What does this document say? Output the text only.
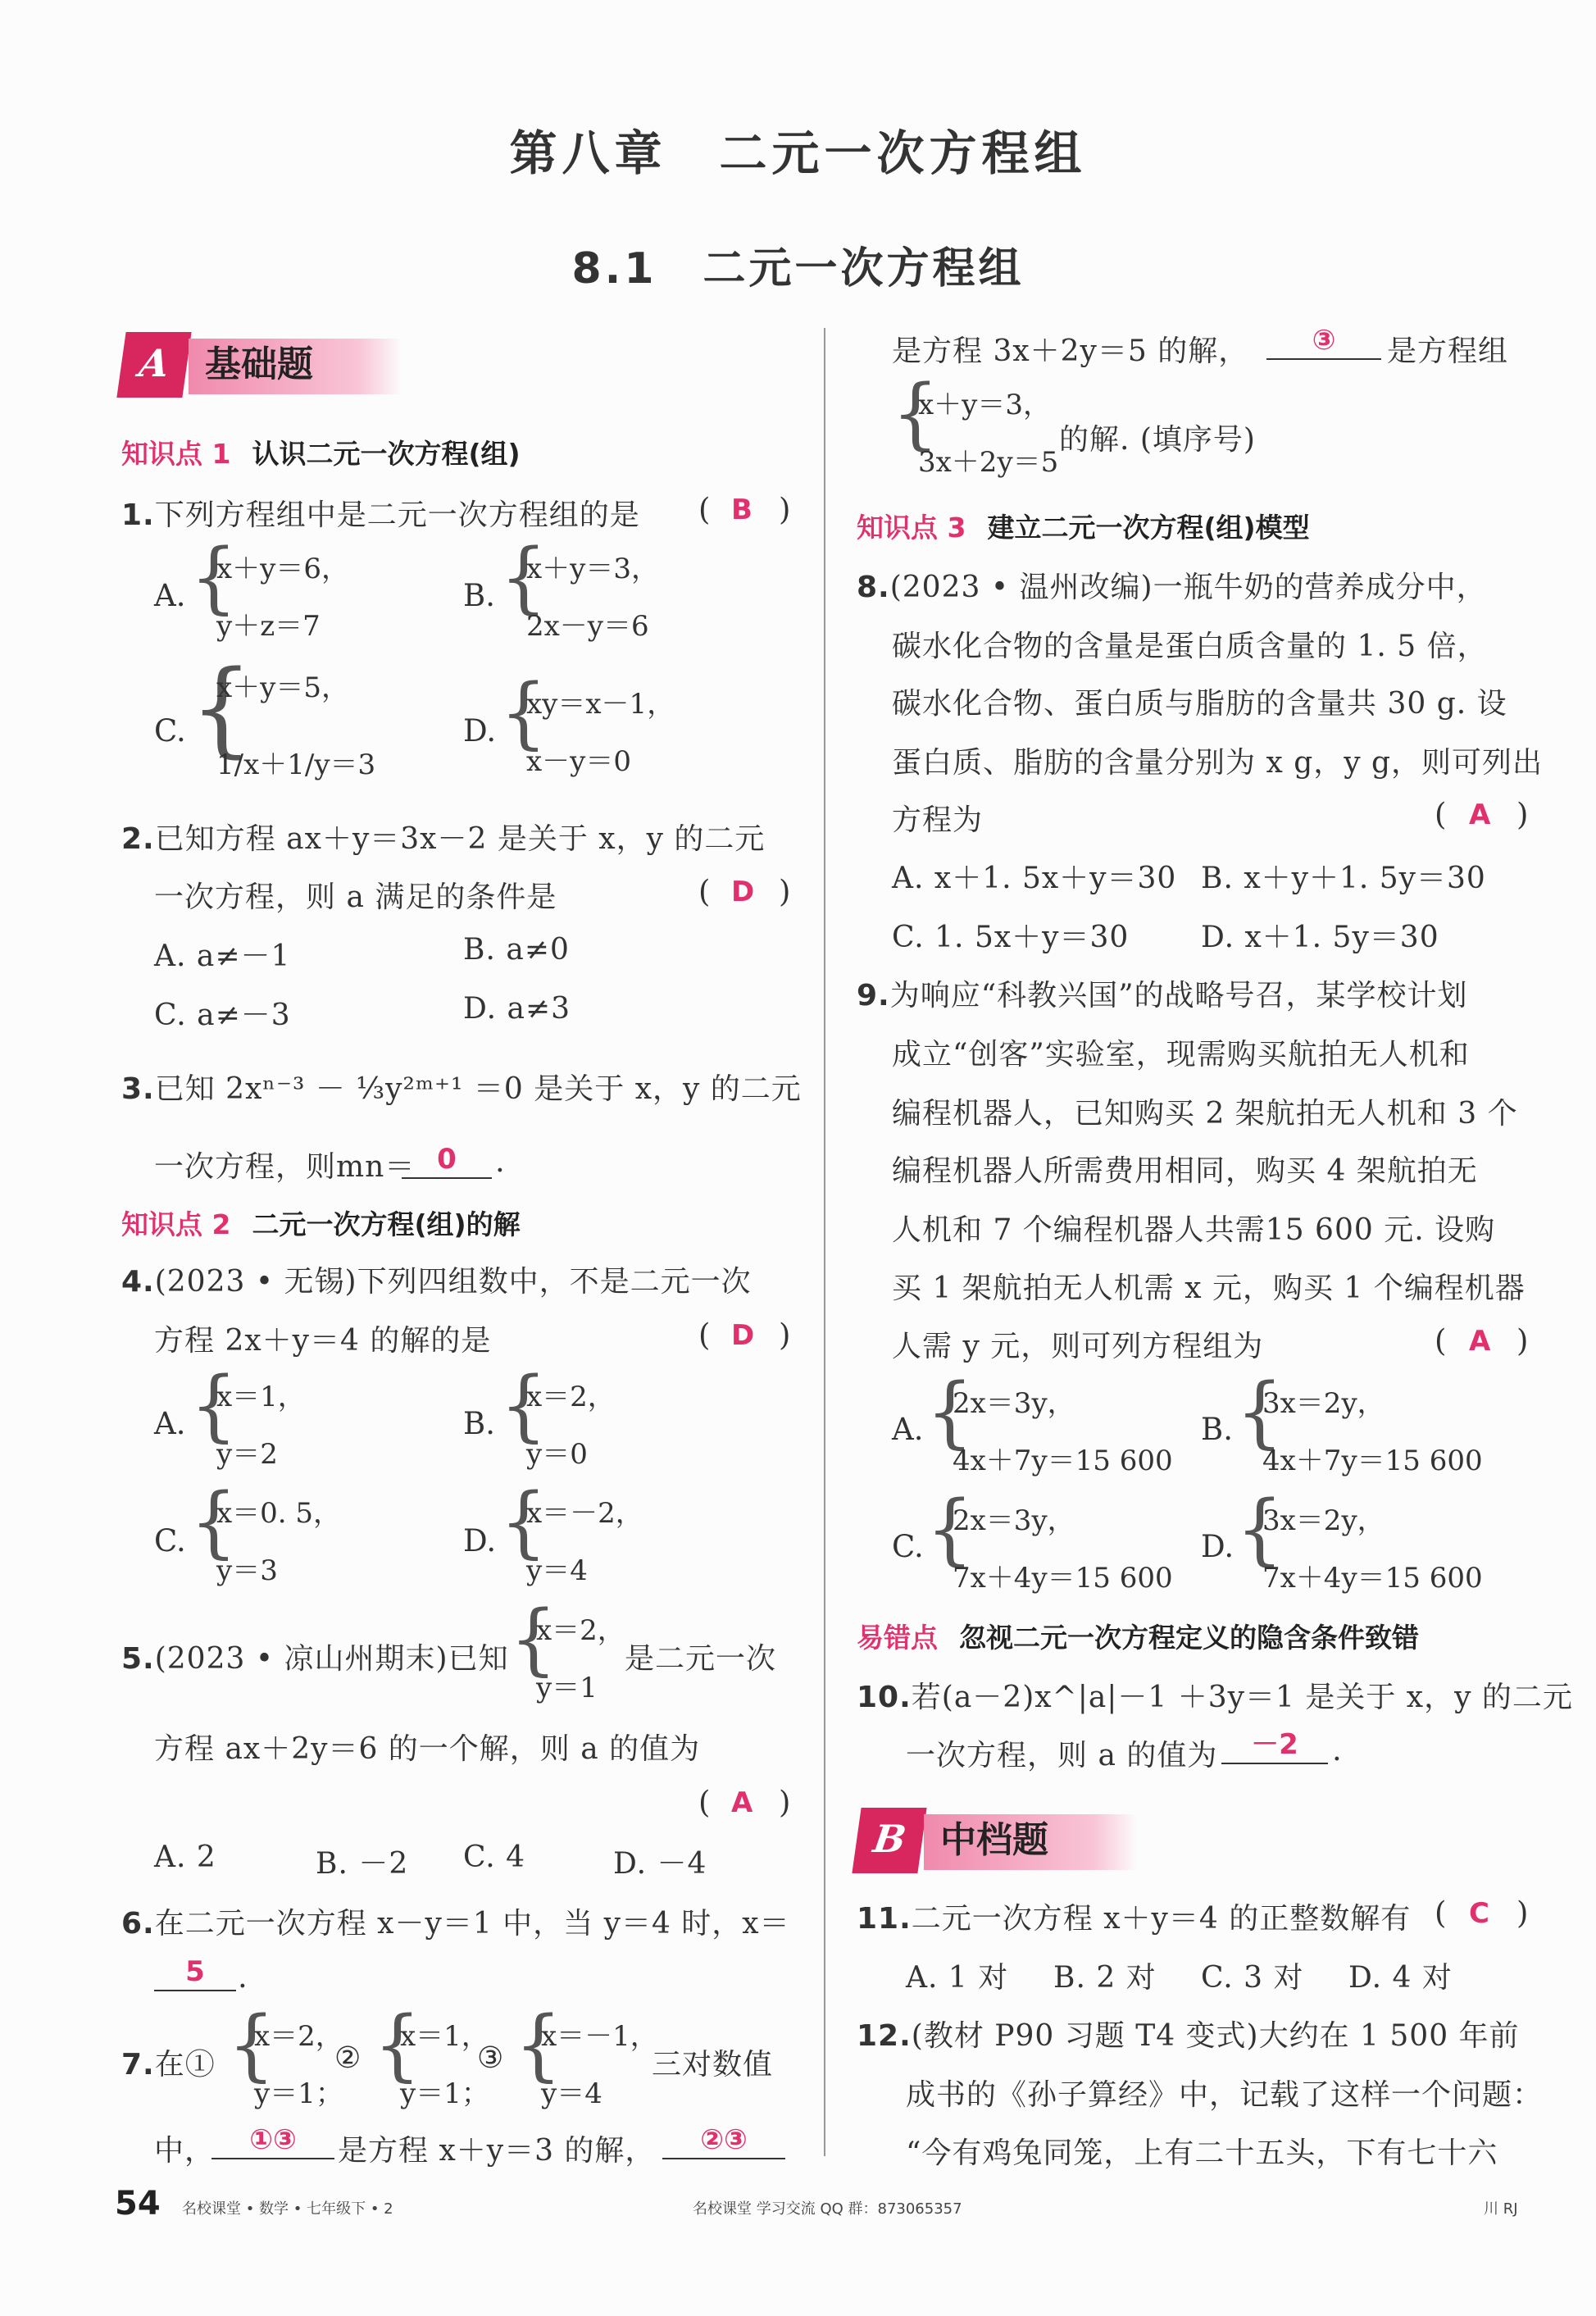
第八章　二元一次方程组
8.1　二元一次方程组
A 基础题
知识点 1 认识二元一次方程(组)
1.下列方程组中是二元一次方程组的是 ( B )
A. {
x＋y＝6，
y＋z＝7
B. {
x＋y＝3，
2x－y＝6
C. {
x＋y＝5，
1/x＋1/y＝3
D. {
xy＝x－1，
x－y＝0
2.已知方程 ax＋y＝3x－2 是关于 x，y 的二元
一次方程，则 a 满足的条件是	( D )
A. a≠－1	B. a≠0
C. a≠－3	D. a≠3
3.已知 2xⁿ⁻³ － ⅓y²ᵐ⁺¹ ＝0 是关于 x，y 的二元
一次方程，则mn＝ 0	.
知识点 2 二元一次方程(组)的解
4.(2023 • 无锡)下列四组数中，不是二元一次
方程 2x＋y＝4 的解的是	( D )
A. {
x＝1，
y＝2
B. {
x＝2，
y＝0
C. {
x＝0. 5，
y＝3
D. {
x＝－2，
y＝4
5.(2023 • 凉山州期末)已知 {
x＝2，
y＝1
是二元一次
方程 ax＋2y＝6 的一个解，则 a 的值为
( A )
A. 2	B. －2 C. 4	D. －4
6.在二元一次方程 x－y＝1 中，当 y＝4 时，x＝
5	.
7.在① {
x＝2，
y＝1；
② {
x＝1，
y＝1；
③ {
x＝－1，
y＝4
三对数值
中，	①③	是方程 x＋y＝3 的解，	②③
是方程 3x＋2y＝5 的解，	③	是方程组
{
x＋y＝3，
3x＋2y＝5
的解. (填序号)
知识点 3 建立二元一次方程(组)模型
8.(2023 • 温州改编)一瓶牛奶的营养成分中，
碳水化合物的含量是蛋白质含量的 1. 5 倍，
碳水化合物、蛋白质与脂肪的含量共 30 g. 设
蛋白质、脂肪的含量分别为 x g，y g，则可列出
方程为	( A )
A. x＋1. 5x＋y＝30 B. x＋y＋1. 5y＝30
C. 1. 5x＋y＝30 D. x＋1. 5y＝30
9.为响应“科教兴国”的战略号召，某学校计划
成立“创客”实验室，现需购买航拍无人机和
编程机器人，已知购买 2 架航拍无人机和 3 个
编程机器人所需费用相同，购买 4 架航拍无
人机和 7 个编程机器人共需15 600 元. 设购
买 1 架航拍无人机需 x 元，购买 1 个编程机器
人需 y 元，则可列方程组为	( A )
A. {
2x＝3y，
4x＋7y＝15 600
B. {
3x＝2y，
4x＋7y＝15 600
C. {
2x＝3y，
7x＋4y＝15 600
D. {
3x＝2y，
7x＋4y＝15 600
易错点 忽视二元一次方程定义的隐含条件致错
10.若(a－2)x^|a|－1 ＋3y＝1 是关于 x，y 的二元
一次方程，则 a 的值为	－2	.
B 中档题
11.二元一次方程 x＋y＝4 的正整数解有 ( C )
A. 1 对 B. 2 对 C. 3 对 D. 4 对
12.(教材 P90 习题 T4 变式)大约在 1 500 年前
成书的《孙子算经》中，记载了这样一个问题：
“今有鸡兔同笼，上有二十五头，下有七十六
54 名校课堂 • 数学 • 七年级下 • 2	名校课堂 学习交流 QQ 群：873065357	川 RJ
